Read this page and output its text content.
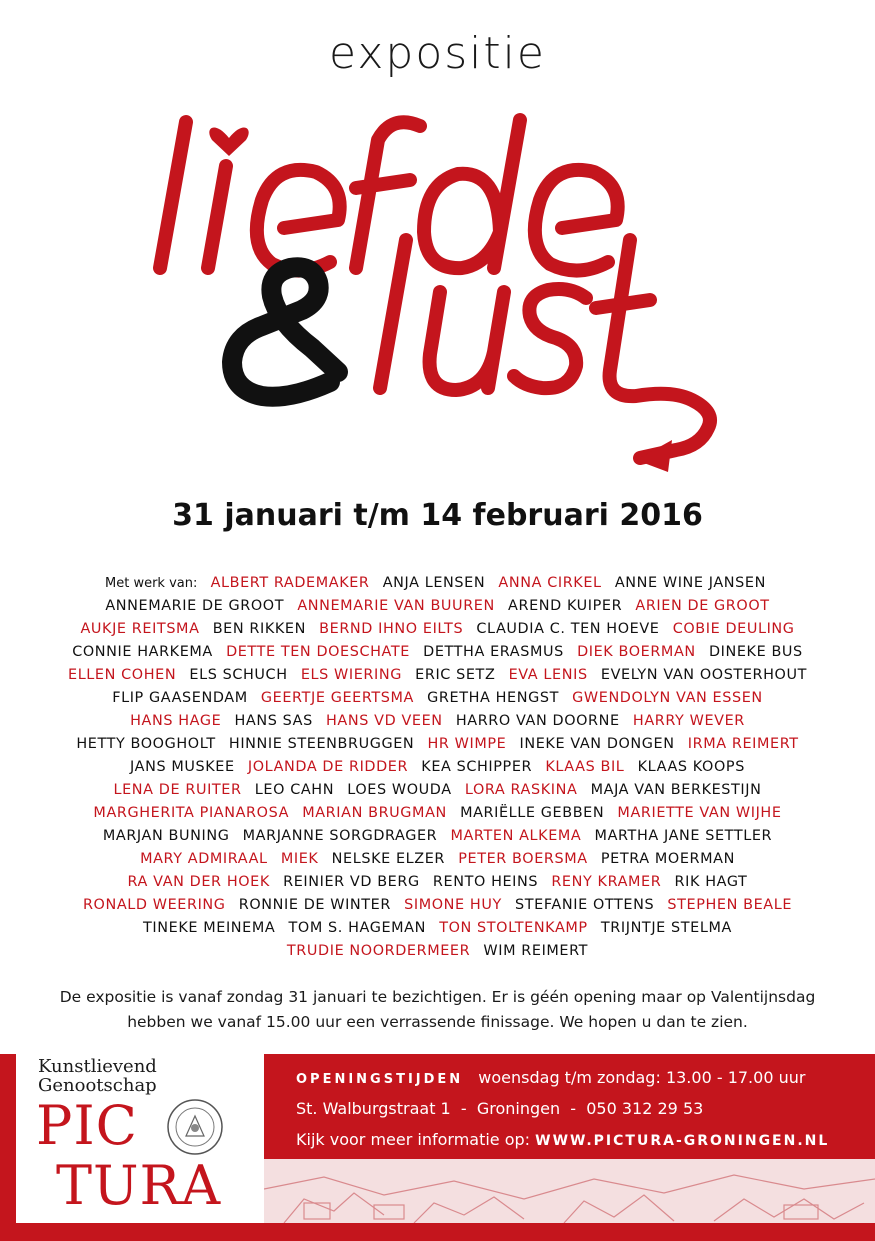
expositie
31 januari t/m 14 februari 2016
Met werk van: ALBERT RADEMAKER ANJA LENSEN ANNA CIRKEL ANNE WINE JANSEN ANNEMARIE DE GROOT ANNEMARIE VAN BUUREN AREND KUIPER ARIEN DE GROOT AUKJE REITSMA BEN RIKKEN BERND IHNO EILTS CLAUDIA C. TEN HOEVE COBIE DEULING CONNIE HARKEMA DETTE TEN DOESCHATE DETTHA ERASMUS DIEK BOERMAN DINEKE BUS ELLEN COHEN ELS SCHUCH ELS WIERING ERIC SETZ EVA LENIS EVELYN VAN OOSTERHOUT FLIP GAASENDAM GEERTJE GEERTSMA GRETHA HENGST GWENDOLYN VAN ESSEN HANS HAGE HANS SAS HANS VD VEEN HARRO VAN DOORNE HARRY WEVER HETTY BOOGHOLT HINNIE STEENBRUGGEN HR WIMPE INEKE VAN DONGEN IRMA REIMERT JANS MUSKEE JOLANDA DE RIDDER KEA SCHIPPER KLAAS BIL KLAAS KOOPS LENA DE RUITER LEO CAHN LOES WOUDA LORA RASKINA MAJA VAN BERKESTIJN MARGHERITA PIANAROSA MARIAN BRUGMAN MARIËLLE GEBBEN MARIETTE VAN WIJHE MARJAN BUNING MARJANNE SORGDRAGER MARTEN ALKEMA MARTHA JANE SETTLER MARY ADMIRAAL MIEK NELSKE ELZER PETER BOERSMA PETRA MOERMAN RA VAN DER HOEK REINIER VD BERG RENTO HEINS RENY KRAMER RIK HAGT RONALD WEERING RONNIE DE WINTER SIMONE HUY STEFANIE OTTENS STEPHEN BEALE TINEKE MEINEMA TOM S. HAGEMAN TON STOLTENKAMP TRIJNTJE STELMA TRUDIE NOORDERMEER WIM REIMERT
De expositie is vanaf zondag 31 januari te bezichtigen. Er is géén opening maar op Valentijnsdag
hebben we vanaf 15.00 uur een verrassende finissage. We hopen u dan te zien.
Kunstlievend
Genootschap
PIC
TURA
OPENINGSTIJDEN woensdag t/m zondag: 13.00 - 17.00 uur
St. Walburgstraat 1  -  Groningen  -  050 312 29 53
Kijk voor meer informatie op: WWW.PICTURA-GRONINGEN.NL
